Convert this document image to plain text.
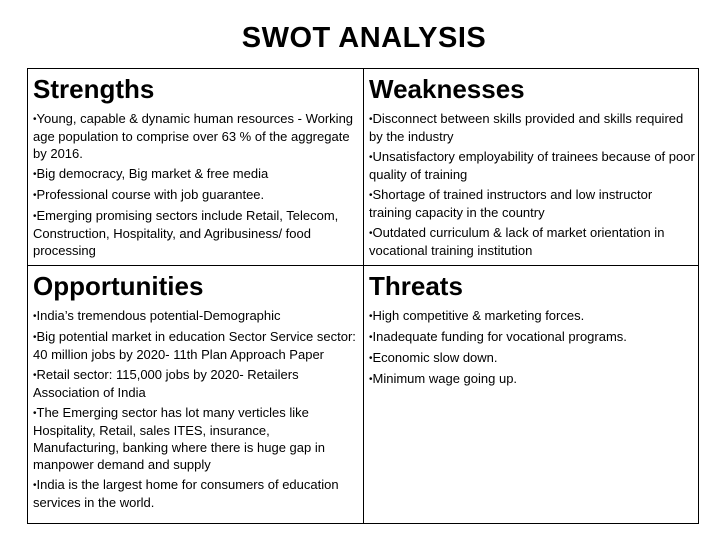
SWOT ANALYSIS
Strengths
•Young, capable & dynamic human resources - Working age population to comprise over 63 % of the aggregate by 2016.
•Big democracy, Big market & free media
•Professional course with job guarantee.
•Emerging promising sectors include Retail, Telecom, Construction, Hospitality, and Agribusiness/ food processing
Weaknesses
•Disconnect between skills provided and skills required by the industry
•Unsatisfactory employability of trainees because of poor quality of training
•Shortage of trained instructors and low instructor training capacity in the country
•Outdated curriculum & lack of market orientation in vocational training institution
Opportunities
•India’s tremendous potential-Demographic
•Big potential market in education Sector Service sector: 40 million jobs by 2020- 11th Plan Approach Paper
•Retail sector: 115,000 jobs by 2020- Retailers Association of India
•The Emerging sector has lot many verticles like Hospitality, Retail, sales ITES, insurance, Manufacturing, banking where there is huge gap in manpower demand and supply
•India is the largest home for consumers of education services in the world.
Threats
•High competitive & marketing forces.
•Inadequate funding for vocational programs.
•Economic slow down.
•Minimum wage going up.
